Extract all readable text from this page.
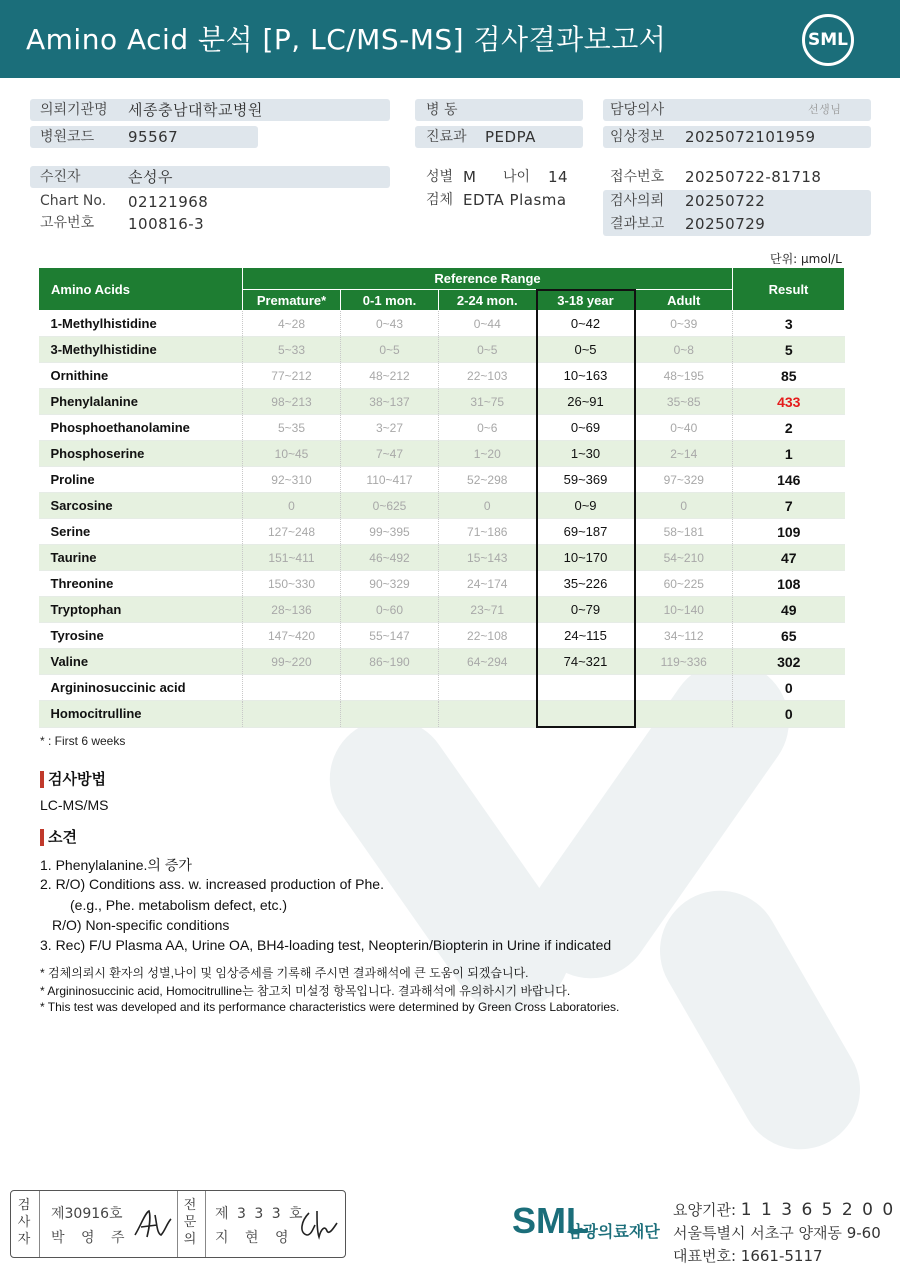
Amino Acid 분석 [P, LC/MS-MS] 검사결과보고서	SML
의뢰기관명 세종충남대학교병원
병원코드 95567
병 동
진료과 PEDPA
담당의사	선생님
임상정보 2025072101959
수진자	손성우
Chart No. 02121968
고유번호 100816-3
성별 M 나이 14
검체 EDTA Plasma
접수번호 20250722-81718
검사의뢰 20250722
결과보고 20250729
단위: μmol/L
Amino Acids	Reference Range					Result
	Premature*	0-1 mon.	2-24 mon.	3-18 year	Adult	
1-Methylhistidine	4~28	0~43	0~44	0~42	0~39	3
3-Methylhistidine	5~33	0~5	0~5	0~5	0~8	5
Ornithine	77~212	48~212	22~103	10~163	48~195	85
Phenylalanine	98~213	38~137	31~75	26~91	35~85	433
Phosphoethanolamine	5~35	3~27	0~6	0~69	0~40	2
Phosphoserine	10~45	7~47	1~20	1~30	2~14	1
Proline	92~310	110~417	52~298	59~369	97~329	146
Sarcosine	0	0~625	0	0~9	0	7
Serine	127~248	99~395	71~186	69~187	58~181	109
Taurine	151~411	46~492	15~143	10~170	54~210	47
Threonine	150~330	90~329	24~174	35~226	60~225	108
Tryptophan	28~136	0~60	23~71	0~79	10~140	49
Tyrosine	147~420	55~147	22~108	24~115	34~112	65
Valine	99~220	86~190	64~294	74~321	119~336	302
Argininosuccinic acid						0
Homocitrulline						0
* : First 6 weeks
검사방법
LC-MS/MS
소견
1. Phenylalanine.의 증가
2. R/O) Conditions ass. w. increased production of Phe.
(e.g., Phe. metabolism defect, etc.)
R/O) Non-specific conditions
3. Rec) F/U Plasma AA, Urine OA, BH4-loading test, Neopterin/Biopterin in Urine if indicated
* 검체의뢰시 환자의 성별,나이 및 임상증세를 기록해 주시면 결과해석에 큰 도움이 되겠습니다.
* Argininosuccinic acid, Homocitrulline는 참고치 미설정 항목입니다. 결과해석에 유의하시기 바랍니다.
* This test was developed and its performance characteristics were determined by Green Cross Laboratories.
검사자
제30916호
박 영 주
전문의
제 3 3 3 호
지 현 영	SML
삼광의료재단
요양기관: 1 1 3 6 5 2 0 0
서울특별시 서초구 양재동 9-60
대표번호: 1661-5117
